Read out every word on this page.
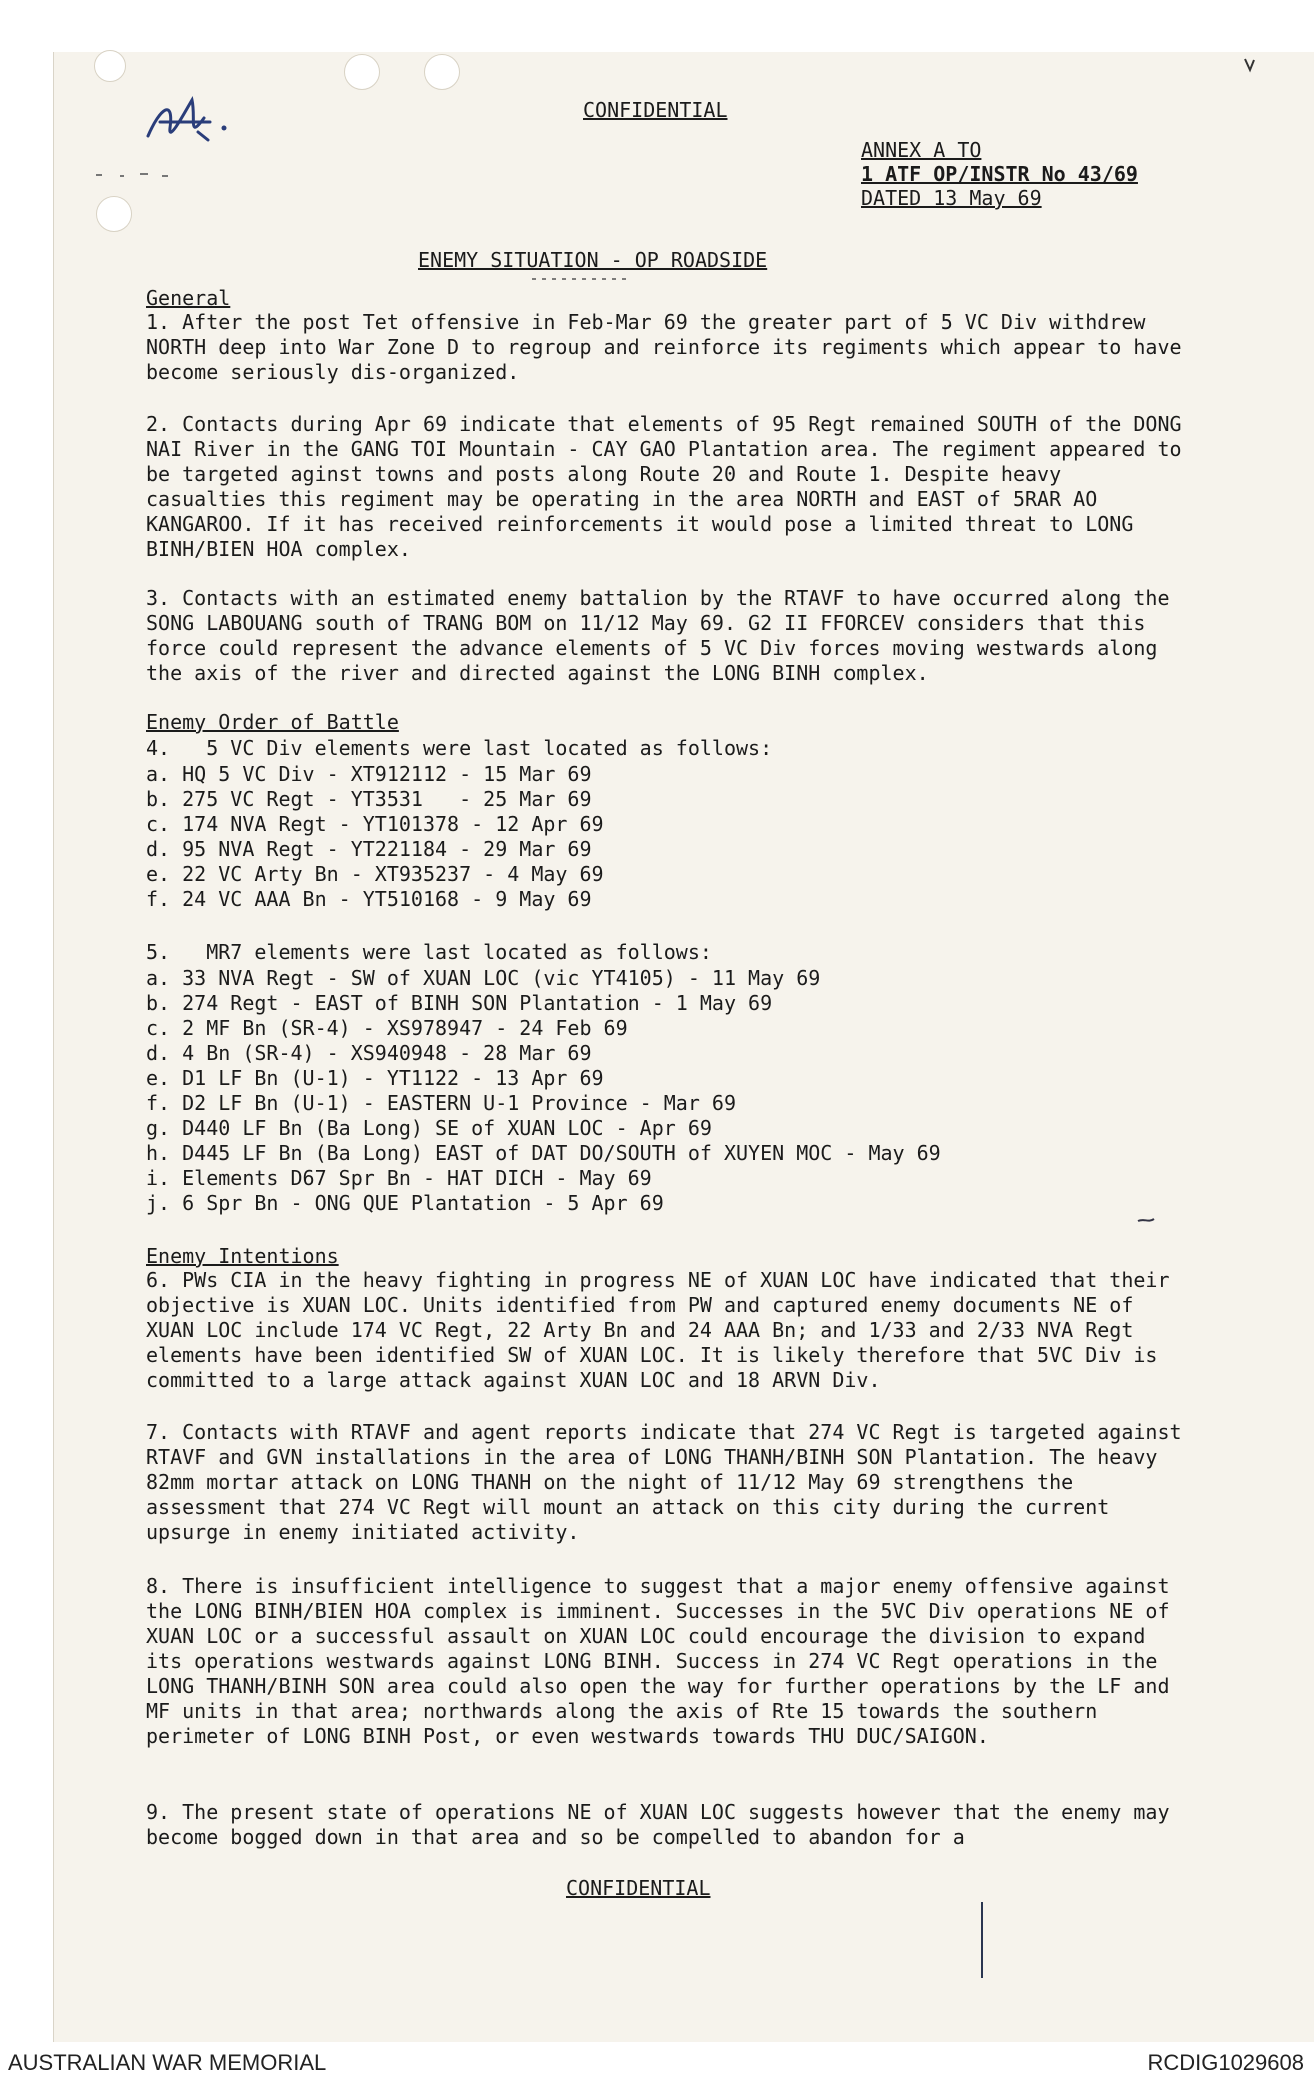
CONFIDENTIAL
ANNEX A TO
1 ATF OP/INSTR No 43/69
DATED 13 May 69
ENEMY SITUATION - OP ROADSIDE
General
1. After the post Tet offensive in Feb-Mar 69 the greater part of 5 VC Div withdrew NORTH deep into War Zone D to regroup and reinforce its regiments which appear to have become seriously dis-organized.
2. Contacts during Apr 69 indicate that elements of 95 Regt remained SOUTH of the DONG NAI River in the GANG TOI Mountain - CAY GAO Plantation area. The regiment appeared to be targeted aginst towns and posts along Route 20 and Route 1. Despite heavy casualties this regiment may be operating in the area NORTH and EAST of 5RAR AO KANGAROO. If it has received reinforcements it would pose a limited threat to LONG BINH/BIEN HOA complex.
3. Contacts with an estimated enemy battalion by the RTAVF to have occurred along the SONG LABOUANG south of TRANG BOM on 11/12 May 69. G2 II FFORCEV considers that this force could represent the advance elements of 5 VC Div forces moving westwards along the axis of the river and directed against the LONG BINH complex.
Enemy Order of Battle
4.   5 VC Div elements were last located as follows:
a. HQ 5 VC Div - XT912112 - 15 Mar 69
b. 275 VC Regt - YT3531   - 25 Mar 69
c. 174 NVA Regt - YT101378 - 12 Apr 69
d. 95 NVA Regt - YT221184 - 29 Mar 69
e. 22 VC Arty Bn - XT935237 - 4 May 69
f. 24 VC AAA Bn - YT510168 - 9 May 69
5.   MR7 elements were last located as follows:
a. 33 NVA Regt - SW of XUAN LOC (vic YT4105) - 11 May 69
b. 274 Regt - EAST of BINH SON Plantation - 1 May 69
c. 2 MF Bn (SR-4) - XS978947 - 24 Feb 69
d. 4 Bn (SR-4) - XS940948 - 28 Mar 69
e. D1 LF Bn (U-1) - YT1122 - 13 Apr 69
f. D2 LF Bn (U-1) - EASTERN U-1 Province - Mar 69
g. D440 LF Bn (Ba Long) SE of XUAN LOC - Apr 69
h. D445 LF Bn (Ba Long) EAST of DAT DO/SOUTH of XUYEN MOC - May 69
i. Elements D67 Spr Bn - HAT DICH - May 69
j. 6 Spr Bn - ONG QUE Plantation - 5 Apr 69
Enemy Intentions
6. PWs CIA in the heavy fighting in progress NE of XUAN LOC have indicated that their objective is XUAN LOC. Units identified from PW and captured enemy documents NE of XUAN LOC include 174 VC Regt, 22 Arty Bn and 24 AAA Bn; and 1/33 and 2/33 NVA Regt elements have been identified SW of XUAN LOC. It is likely therefore that 5VC Div is committed to a large attack against XUAN LOC and 18 ARVN Div.
7. Contacts with RTAVF and agent reports indicate that 274 VC Regt is targeted against RTAVF and GVN installations in the area of LONG THANH/BINH SON Plantation. The heavy 82mm mortar attack on LONG THANH on the night of 11/12 May 69 strengthens the assessment that 274 VC Regt will mount an attack on this city during the current upsurge in enemy initiated activity.
8. There is insufficient intelligence to suggest that a major enemy offensive against the LONG BINH/BIEN HOA complex is imminent. Successes in the 5VC Div operations NE of XUAN LOC or a successful assault on XUAN LOC could encourage the division to expand its operations westwards against LONG BINH. Success in 274 VC Regt operations in the LONG THANH/BINH SON area could also open the way for further operations by the LF and MF units in that area; northwards along the axis of Rte 15 towards the southern perimeter of LONG BINH Post, or even westwards towards THU DUC/SAIGON.
9. The present state of operations NE of XUAN LOC suggests however that the enemy may become bogged down in that area and so be compelled to abandon for a
CONFIDENTIAL
AUSTRALIAN WAR MEMORIAL	RCDIG1029608
